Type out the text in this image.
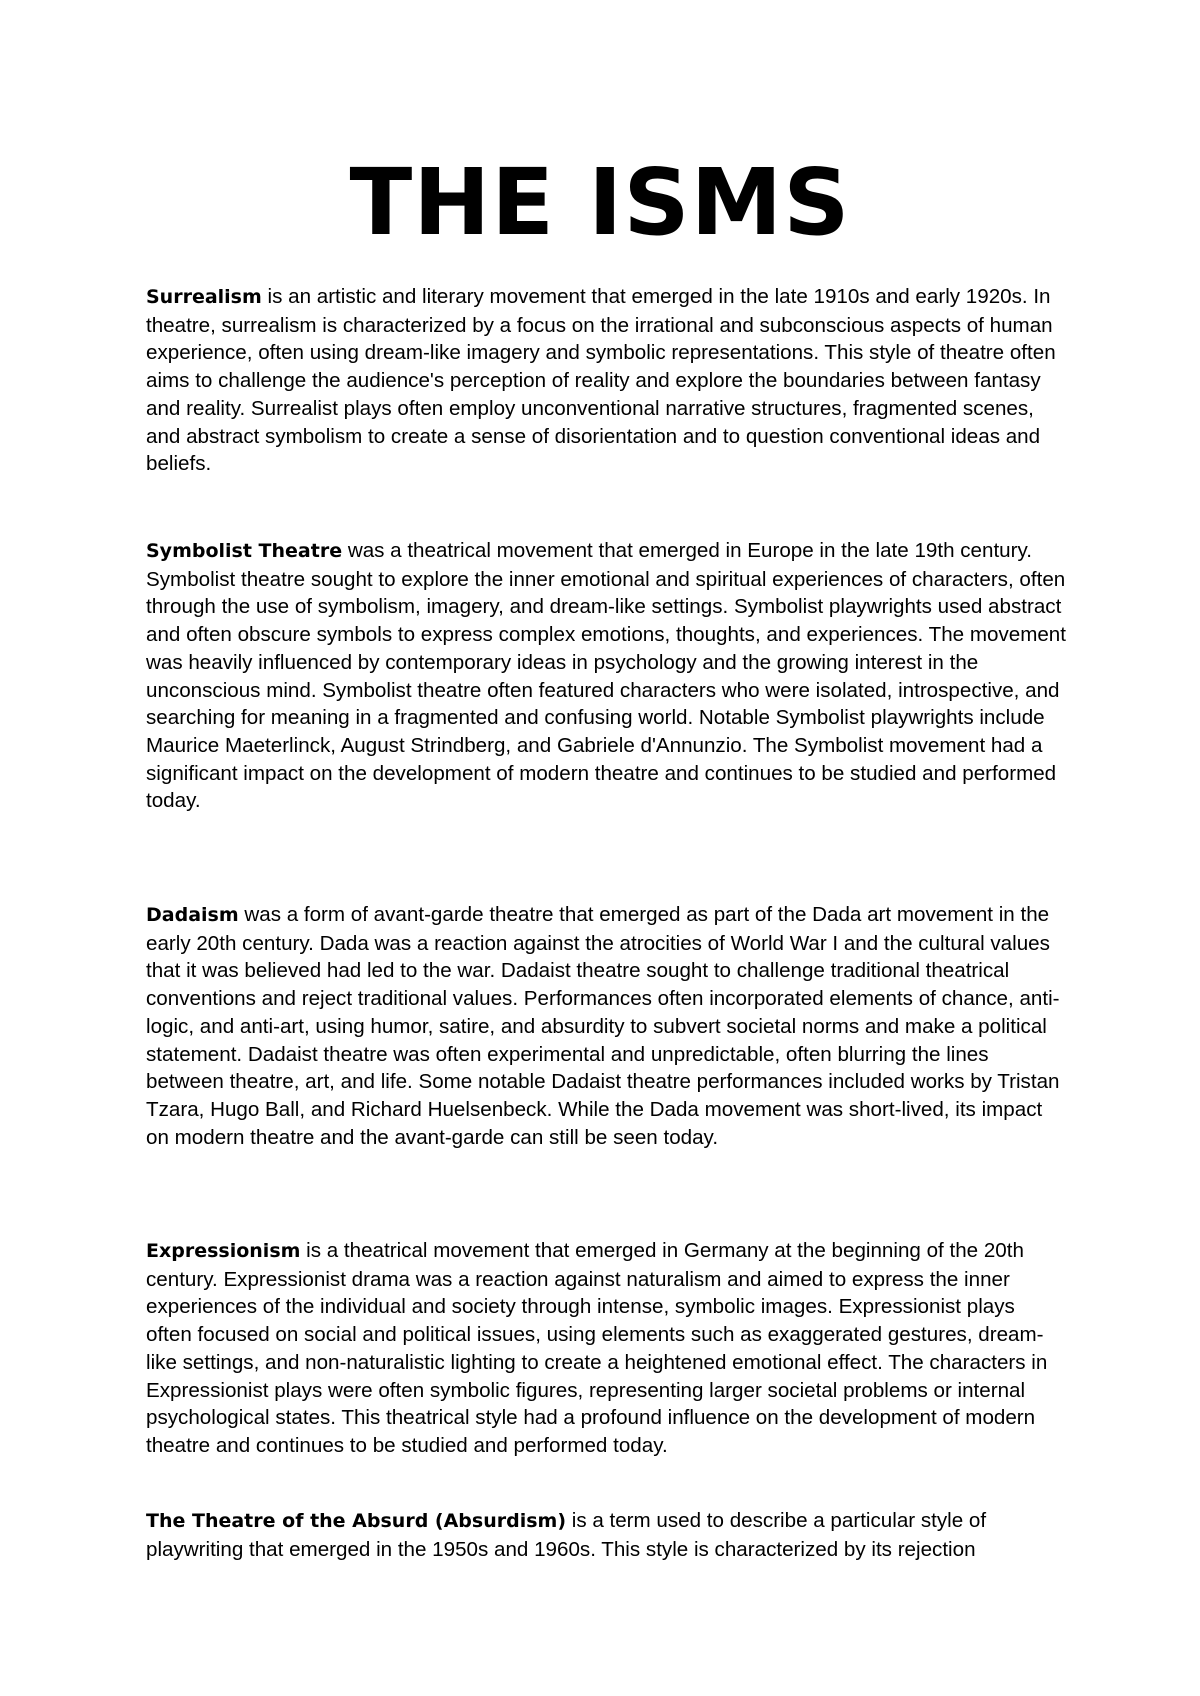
THE ISMS

Surrealism is an artistic and literary movement that emerged in the late 1910s and early 1920s. In theatre, surrealism is characterized by a focus on the irrational and subconscious aspects of human experience, often using dream-like imagery and symbolic representations. This style of theatre often aims to challenge the audience's perception of reality and explore the boundaries between fantasy and reality. Surrealist plays often employ unconventional narrative structures, fragmented scenes, and abstract symbolism to create a sense of disorientation and to question conventional ideas and beliefs.

Symbolist Theatre was a theatrical movement that emerged in Europe in the late 19th century. Symbolist theatre sought to explore the inner emotional and spiritual experiences of characters, often through the use of symbolism, imagery, and dream-like settings. Symbolist playwrights used abstract and often obscure symbols to express complex emotions, thoughts, and experiences. The movement was heavily influenced by contemporary ideas in psychology and the growing interest in the unconscious mind. Symbolist theatre often featured characters who were isolated, introspective, and searching for meaning in a fragmented and confusing world. Notable Symbolist playwrights include Maurice Maeterlinck, August Strindberg, and Gabriele d'Annunzio. The Symbolist movement had a significant impact on the development of modern theatre and continues to be studied and performed today.

Dadaism was a form of avant-garde theatre that emerged as part of the Dada art movement in the early 20th century. Dada was a reaction against the atrocities of World War I and the cultural values that it was believed had led to the war. Dadaist theatre sought to challenge traditional theatrical conventions and reject traditional values. Performances often incorporated elements of chance, anti-logic, and anti-art, using humor, satire, and absurdity to subvert societal norms and make a political statement. Dadaist theatre was often experimental and unpredictable, often blurring the lines between theatre, art, and life. Some notable Dadaist theatre performances included works by Tristan Tzara, Hugo Ball, and Richard Huelsenbeck. While the Dada movement was short-lived, its impact on modern theatre and the avant-garde can still be seen today.

Expressionism is a theatrical movement that emerged in Germany at the beginning of the 20th century. Expressionist drama was a reaction against naturalism and aimed to express the inner experiences of the individual and society through intense, symbolic images. Expressionist plays often focused on social and political issues, using elements such as exaggerated gestures, dream-like settings, and non-naturalistic lighting to create a heightened emotional effect. The characters in Expressionist plays were often symbolic figures, representing larger societal problems or internal psychological states. This theatrical style had a profound influence on the development of modern theatre and continues to be studied and performed today.

The Theatre of the Absurd (Absurdism) is a term used to describe a particular style of playwriting that emerged in the 1950s and 1960s. This style is characterized by its rejection
